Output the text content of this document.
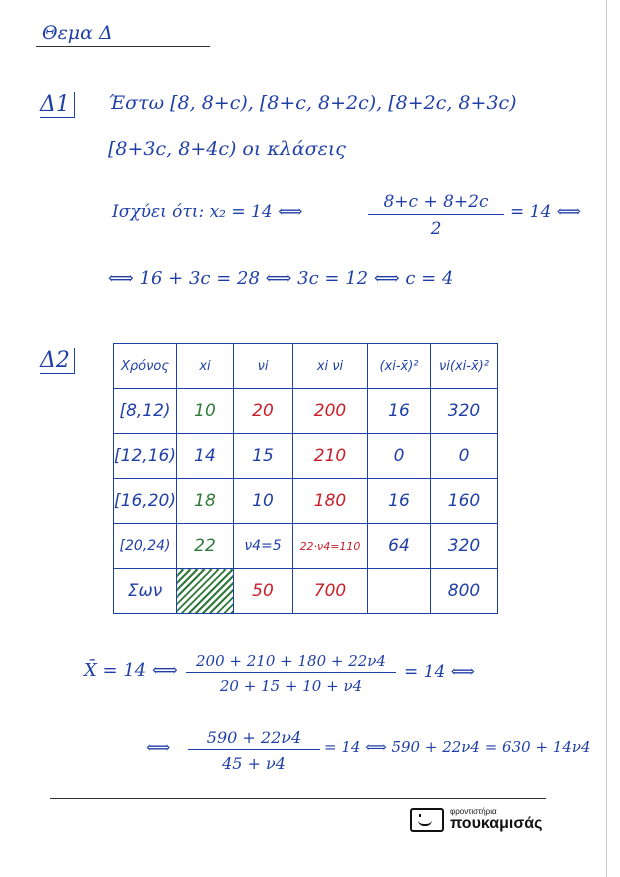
Θεμα Δ
Δ1 Έστω [8, 8+c), [8+c, 8+2c), [8+2c, 8+3c)
[8+3c, 8+4c) οι κλάσεις
Ισχύει ότι: x₂ = 14 ⟺	$\frac{8+c + 8+2c}{2} = 14$ ⟺
⟺ 16 + 3c = 28 ⟺ 3c = 12 ⟺ c = 4
Δ2	Χρόνος	xi	νi	xi νi	(xi-x̄)²	νi(xi-x̄)²
[8,12)	10	20	200	16	320
[12,16)	14	15	210	0	0
[16,20)	18	10	180	16	160
[20,24)	22	ν4=5	22·ν4=110	64	320
Σων		50	700		800
X̄ = 14 ⟺ $\frac{200 + 210 + 180 + 22\nu 4}{20 + 15 + 10 + \nu 4} = 14$ ⟺
⟺ $\frac{590 + 22\nu 4}{45 + \nu 4} = 14$ ⟺ 590 + 22ν4 = 630 + 14ν4
φροντιστήρια
πουκαμισάς
